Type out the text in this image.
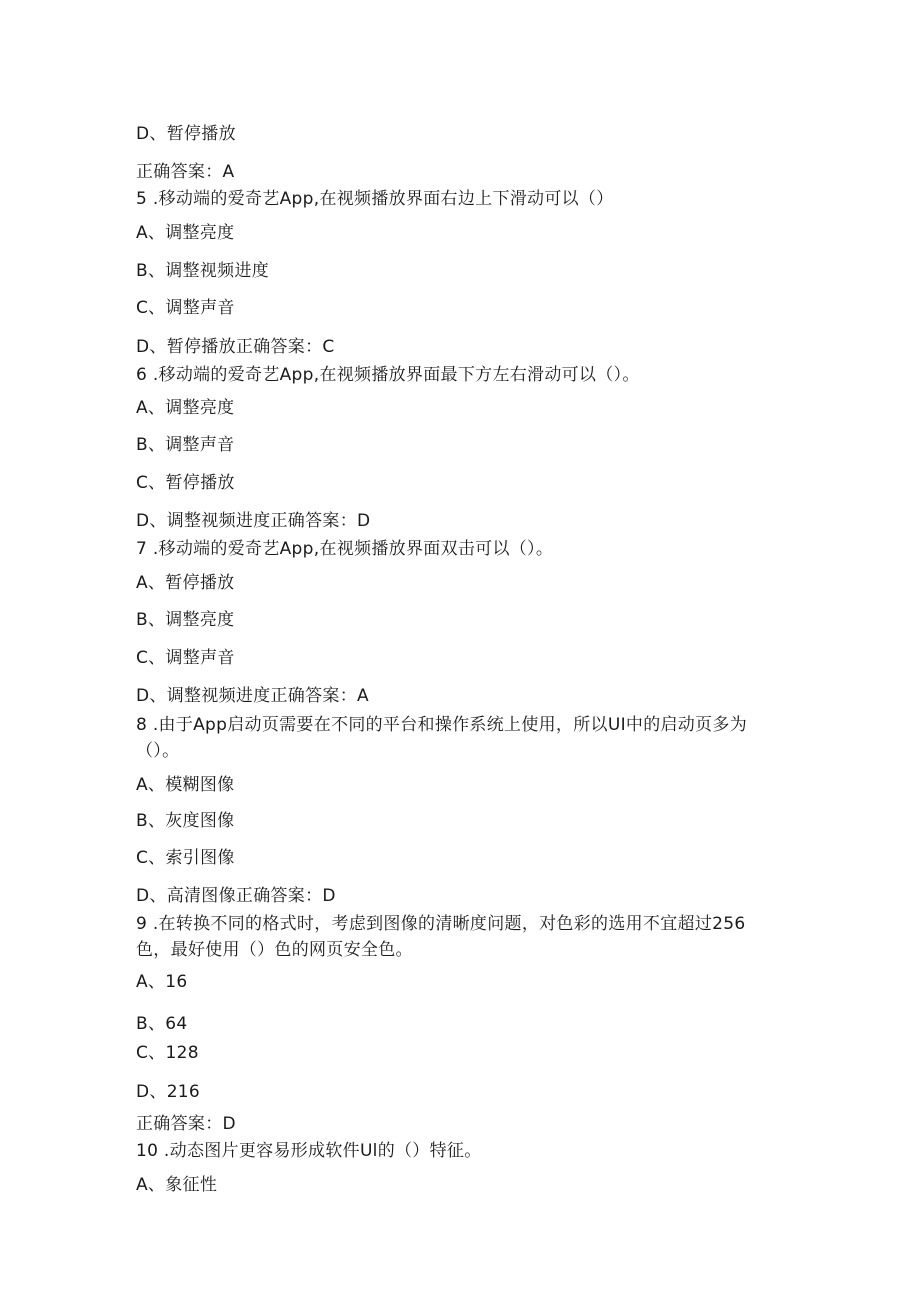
D、暂停播放
正确答案：A
5 .移动端的爱奇艺App,在视频播放界面右边上下滑动可以（）
A、调整亮度
B、调整视频进度
C、调整声音
D、暂停播放正确答案：C
6 .移动端的爱奇艺App,在视频播放界面最下方左右滑动可以（）。
A、调整亮度
B、调整声音
C、暂停播放
D、调整视频进度正确答案：D
7 .移动端的爱奇艺App,在视频播放界面双击可以（）。
A、暂停播放
B、调整亮度
C、调整声音
D、调整视频进度正确答案：A
8 .由于App启动页需要在不同的平台和操作系统上使用，所以UI中的启动页多为（）。
A、模糊图像
B、灰度图像
C、索引图像
D、高清图像正确答案：D
9 .在转换不同的格式时，考虑到图像的清晰度问题，对色彩的选用不宜超过256色，最好使用（）色的网页安全色。
A、16
B、64
C、128
D、216
正确答案：D
10 .动态图片更容易形成软件Ul的（）特征。
A、象征性
